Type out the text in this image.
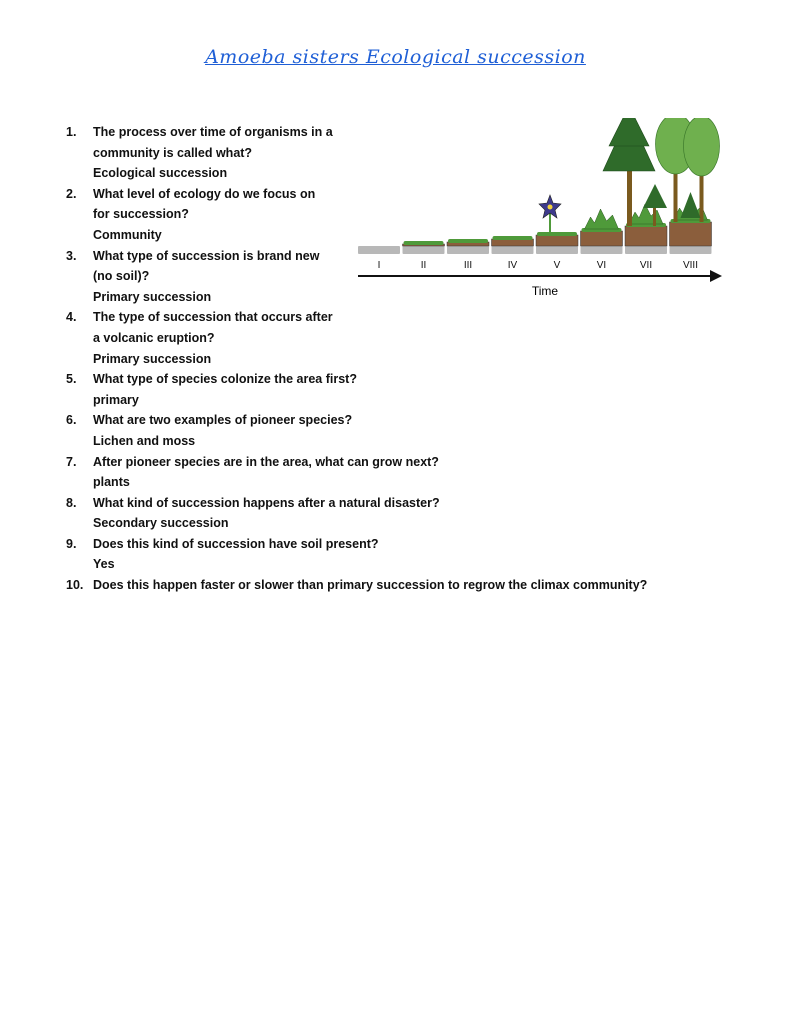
Amoeba sisters Ecological succession
1. The process over time of organisms in a community is called what?
Ecological succession
2. What level of ecology do we focus on for succession?
Community
3. What type of succession is brand new (no soil)?
Primary succession
4. The type of succession that occurs after a volcanic eruption?
Primary succession
5. What type of species colonize the area first?
primary
6. What are two examples of pioneer species?
Lichen and moss
7. After pioneer species are in the area, what can grow next?
plants
8. What kind of succession happens after a natural disaster?
Secondary succession
9. Does this kind of succession have soil present?
Yes
10. Does this happen faster or slower than primary succession to regrow the climax community?
I	II	III	IV	V	VI	VII	VIII
Time
